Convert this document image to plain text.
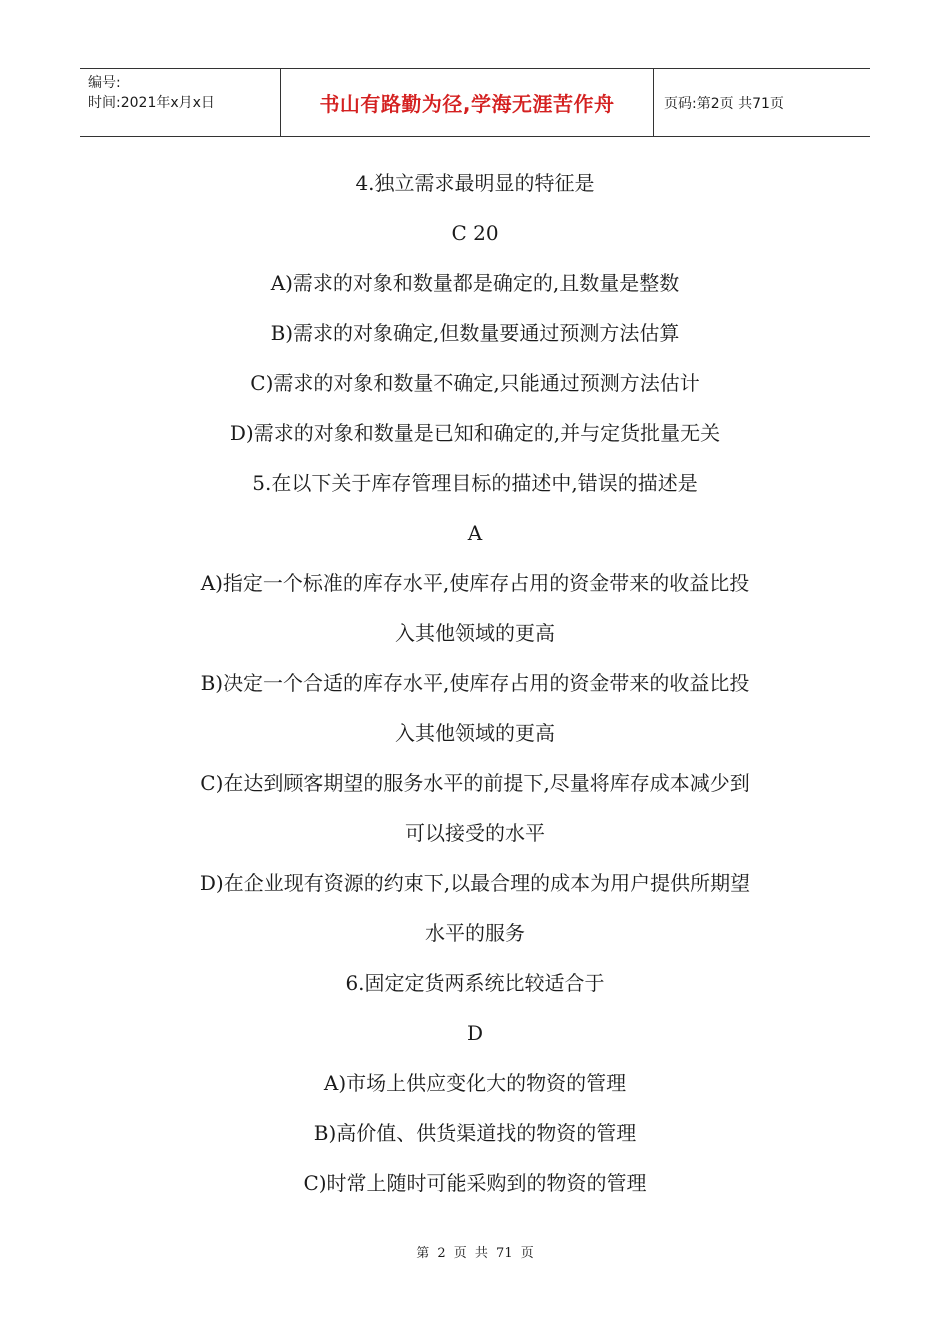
编号:
时间:2021年x月x日	书山有路勤为径,学海无涯苦作舟	页码:第2页 共71页
4.独立需求最明显的特征是
C 20
A)需求的对象和数量都是确定的,且数量是整数
B)需求的对象确定,但数量要通过预测方法估算
C)需求的对象和数量不确定,只能通过预测方法估计
D)需求的对象和数量是已知和确定的,并与定货批量无关
5.在以下关于库存管理目标的描述中,错误的描述是
A
A)指定一个标准的库存水平,使库存占用的资金带来的收益比投
入其他领域的更高
B)决定一个合适的库存水平,使库存占用的资金带来的收益比投
入其他领域的更高
C)在达到顾客期望的服务水平的前提下,尽量将库存成本减少到
可以接受的水平
D)在企业现有资源的约束下,以最合理的成本为用户提供所期望
水平的服务
6.固定定货两系统比较适合于
D
A)市场上供应变化大的物资的管理
B)高价值、供货渠道找的物资的管理
C)时常上随时可能采购到的物资的管理
第 2 页 共 71 页
